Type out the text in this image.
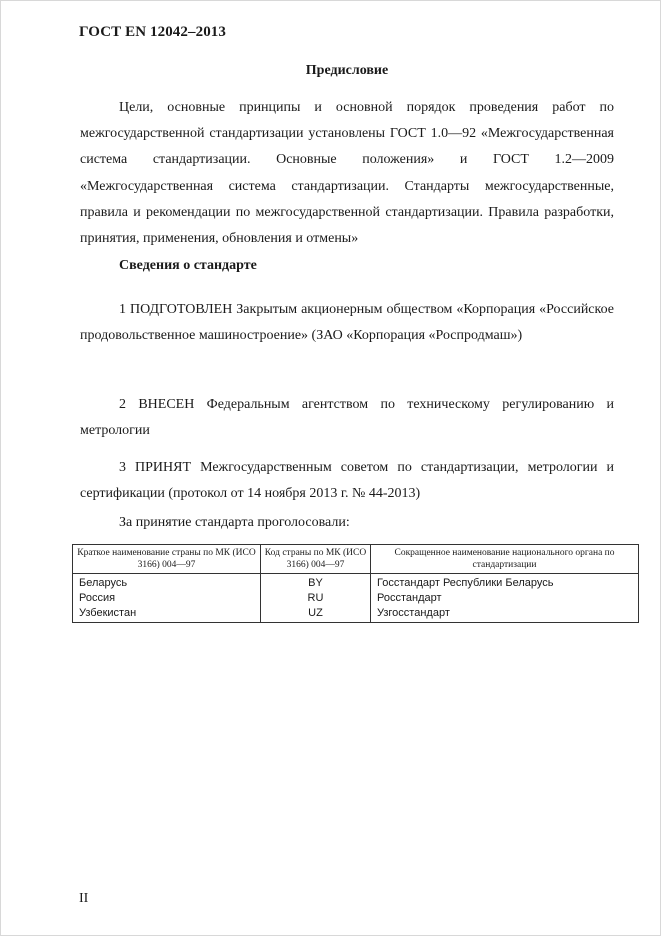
ГОСТ EN 12042–2013
Предисловие

Цели, основные принципы и основной порядок проведения работ по межгосударственной стандартизации установлены ГОСТ 1.0—92 «Межгосударственная система стандартизации. Основные положения» и ГОСТ 1.2—2009 «Межгосударственная система стандартизации. Стандарты межгосударственные, правила и рекомендации по межгосударственной стандартизации. Правила разработки, принятия, применения, обновления и отмены»

Сведения о стандарте

1 ПОДГОТОВЛЕН Закрытым акционерным обществом «Корпорация «Российское продовольственное машиностроение» (ЗАО «Корпорация «Роспродмаш»)

2 ВНЕСЕН Федеральным агентством по техническому регулированию и метрологии

3 ПРИНЯТ Межгосударственным советом по стандартизации, метрологии и сертификации (протокол от 14 ноября 2013 г. № 44-2013)

За принятие стандарта проголосовали:
Краткое наименование страны по МК (ИСО 3166) 004—97	Код страны по МК (ИСО 3166) 004—97	Сокращенное наименование национального органа по стандартизации
Беларусь	BY	Госстандарт Республики Беларусь
Россия	RU	Росстандарт
Узбекистан	UZ	Узгосстандарт
II
